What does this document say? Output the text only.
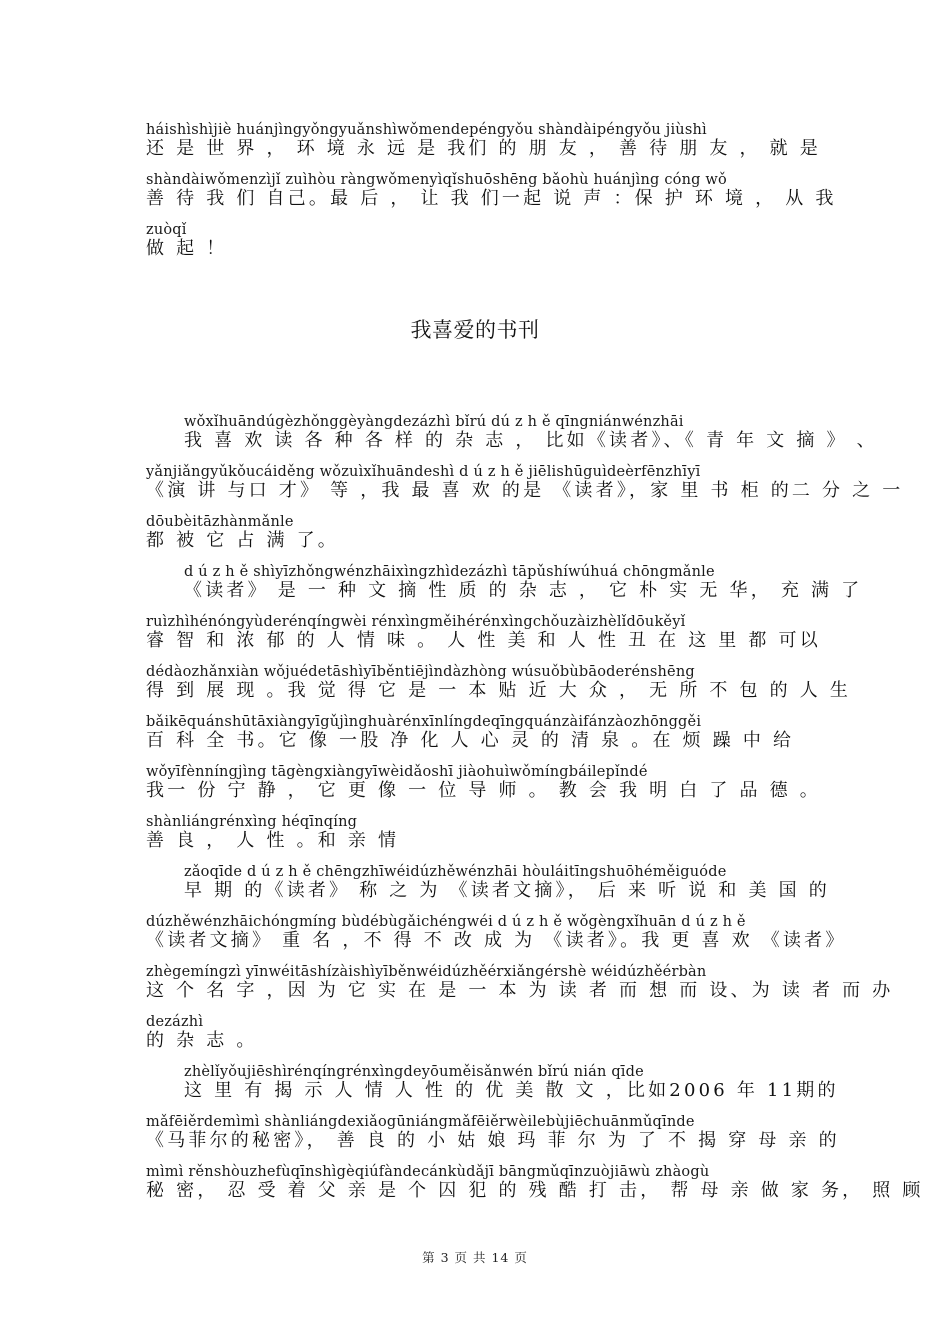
háishìshìjiè huánjìngyǒngyuǎnshìwǒmendepéngyǒu shàndàipéngyǒu jiùshì
还 是 世 界 ， 环 境 永 远 是 我们 的 朋 友 ， 善 待 朋 友 ， 就 是
shàndàiwǒmenzìjǐ zuìhòu ràngwǒmenyìqǐshuōshēng bǎohù huánjìng cóng wǒ
善 待 我 们 自己。最 后 ， 让 我 们一起 说 声 ：保 护 环 境 ， 从 我
zuòqǐ
做 起 ！
我喜爱的书刊
wǒxǐhuāndúgèzhǒnggèyàngdezázhì bǐrú dú z h ě qīngniánwénzhāi
我 喜 欢 读 各 种 各 样 的 杂 志 ， 比如《读者》、《 青 年 文 摘 》 、
yǎnjiǎngyǔkǒucáiděng wǒzuìxǐhuāndeshì d ú z h ě jiēlishūguìdeèrfēnzhīyī
《演 讲 与口 才》 等 ，我 最 喜 欢 的是 《读者》，家 里 书 柜 的二 分 之 一
dōubèitāzhànmǎnle
都 被 它 占 满 了。
d ú z h ě shìyīzhǒngwénzhāixìngzhìdezázhì tāpǔshíwúhuá chōngmǎnle
《读者》 是 一 种 文 摘 性 质 的 杂 志 ， 它 朴 实 无 华， 充 满 了
ruìzhìhénóngyùderénqíngwèi rénxìngměihérénxìngchǒuzàizhèlǐdōukěyǐ
睿 智 和 浓 郁 的 人 情 味 。 人 性 美 和 人 性 丑 在 这 里 都 可以
dédàozhǎnxiàn wǒjuédetāshìyīběntiējìndàzhòng wúsuǒbùbāoderénshēng
得 到 展 现 。我 觉 得 它 是 一 本 贴 近 大 众 ， 无 所 不 包 的 人 生
bǎikēquánshūtāxiàngyīgǔjìnghuàrénxīnlíngdeqīngquánzàifánzàozhōnggěi
百 科 全 书。它 像 一股 净 化 人 心 灵 的 清 泉 。在 烦 躁 中 给
wǒyīfènníngjìng tāgèngxiàngyīwèidǎoshī jiàohuìwǒmíngbáilepǐndé
我一 份 宁 静 ， 它 更 像 一 位 导 师 。 教 会 我 明 白 了 品 德 。
shànliángrénxìng héqīnqíng
善 良 ， 人 性 。和 亲 情
zǎoqīde d ú z h ě chēngzhīwéidúzhěwénzhāi hòuláitīngshuōhéměiguóde
早 期 的《读者》 称 之 为 《读者文摘》， 后 来 听 说 和 美 国 的
dúzhěwénzhāichóngmíng bùdébùgǎichéngwéi d ú z h ě wǒgèngxǐhuān d ú z h ě
《读者文摘》 重 名 ，不 得 不 改 成 为 《读者》。我 更 喜 欢 《读者》
zhègemíngzì yīnwéitāshízàishìyīběnwéidúzhěérxiǎngérshè wéidúzhěérbàn
这 个 名 字 ，因 为 它 实 在 是 一 本 为 读 者 而 想 而 设、为 读 者 而 办
dezázhì
的 杂 志 。
zhèlǐyǒujiēshìrénqíngrénxìngdeyōuměisǎnwén bǐrú nián qīde
这 里 有 揭 示 人 情 人 性 的 优 美 散 文 ，比如2006 年 11期的
mǎfēiěrdemìmì shànliángdexiǎogūniángmǎfēiěrwèilebùjiēchuānmǔqīnde
《马菲尔的秘密》， 善 良 的 小 姑 娘 玛 菲 尔 为 了 不 揭 穿 母 亲 的
mìmì rěnshòuzhefùqīnshìgèqiúfàndecánkùdǎjī bāngmǔqīnzuòjiāwù zhàogù
秘 密， 忍 受 着 父 亲 是 个 囚 犯 的 残 酷 打 击， 帮 母 亲 做 家 务， 照 顾
第 3 页 共 14 页
